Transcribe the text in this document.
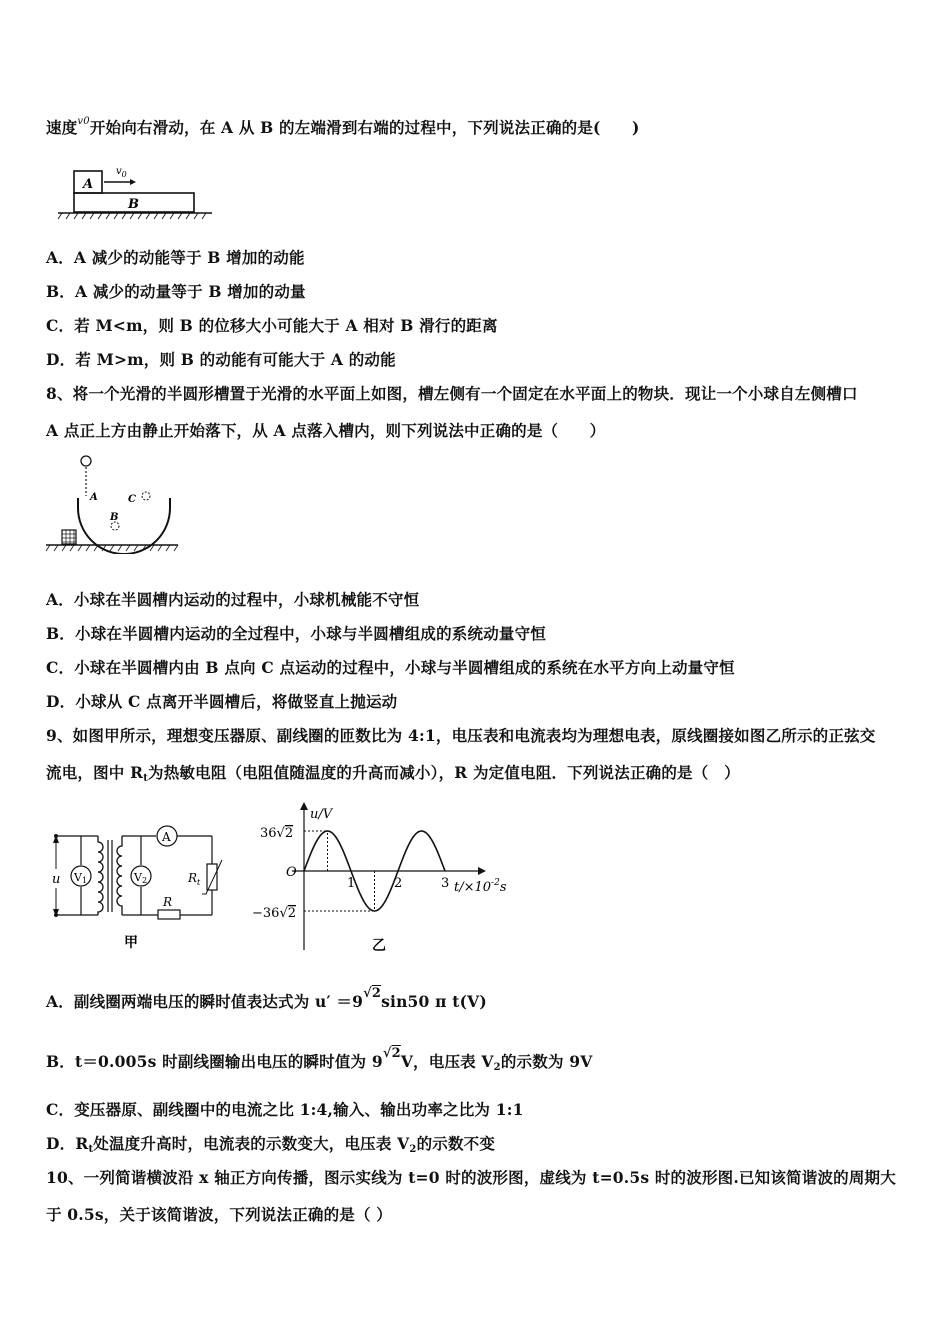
速度$^{v0}$开始向右滑动，在 A 从 B 的左端滑到右端的过程中，下列说法正确的是(　　)
A
B
$v_0$
A．A 减少的动能等于 B 增加的动能
B．A 减少的动量等于 B 增加的动量
C．若 M<m，则 B 的位移大小可能大于 A 相对 B 滑行的距离
D．若 M>m，则 B 的动能有可能大于 A 的动能
8、将一个光滑的半圆形槽置于光滑的水平面上如图，槽左侧有一个固定在水平面上的物块．现让一个小球自左侧槽口
A 点正上方由静止开始落下，从 A 点落入槽内，则下列说法中正确的是（　　）
A
B
C
A．小球在半圆槽内运动的过程中，小球机械能不守恒
B．小球在半圆槽内运动的全过程中，小球与半圆槽组成的系统动量守恒
C．小球在半圆槽内由 B 点向 C 点运动的过程中，小球与半圆槽组成的系统在水平方向上动量守恒
D．小球从 C 点离开半圆槽后，将做竖直上抛运动
9、如图甲所示，理想变压器原、副线圈的匝数比为 4:1，电压表和电流表均为理想电表，原线圈接如图乙所示的正弦交
流电，图中 Rt为热敏电阻（电阻值随温度的升高而减小），R 为定值电阻．下列说法正确的是（　）
u V1
A
$R_t$
R
V2
甲
u/V
$t/\times 10^{-2}s$
O
36√2
−36√2
1	2	3
乙
A．副线圈两端电压的瞬时值表达式为 $u' =9^{√2}\sin 50$ π t(V)
B．t＝0.005s 时副线圈输出电压的瞬时值为 $9^{√2}V$，电压表 V2的示数为 9V
C．变压器原、副线圈中的电流之比 1:4,输入、输出功率之比为 1:1
D．Rt处温度升高时，电流表的示数变大，电压表 V2的示数不变
10、一列简谐横波沿 x 轴正方向传播，图示实线为 t=0 时的波形图，虚线为 t=0.5s 时的波形图.已知该简谐波的周期大
于 0.5s，关于该简谐波，下列说法正确的是（ ）
